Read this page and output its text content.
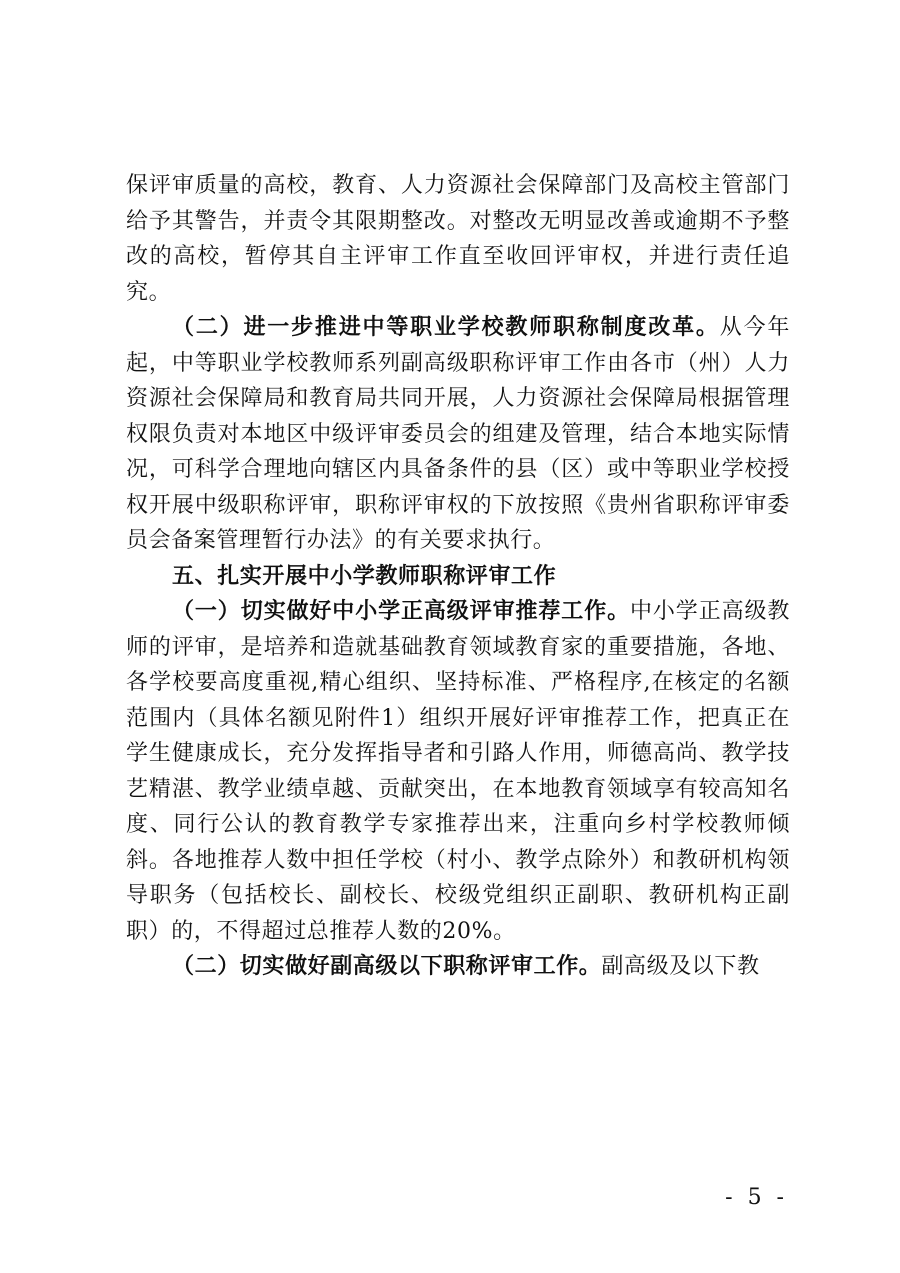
保评审质量的高校，教育、人力资源社会保障部门及高校主管部门给予其警告，并责令其限期整改。对整改无明显改善或逾期不予整改的高校，暂停其自主评审工作直至收回评审权，并进行责任追究。

（二）进一步推进中等职业学校教师职称制度改革。从今年起，中等职业学校教师系列副高级职称评审工作由各市（州）人力资源社会保障局和教育局共同开展，人力资源社会保障局根据管理权限负责对本地区中级评审委员会的组建及管理，结合本地实际情况，可科学合理地向辖区内具备条件的县（区）或中等职业学校授权开展中级职称评审，职称评审权的下放按照《贵州省职称评审委员会备案管理暂行办法》的有关要求执行。

五、扎实开展中小学教师职称评审工作

（一）切实做好中小学正高级评审推荐工作。中小学正高级教师的评审，是培养和造就基础教育领域教育家的重要措施，各地、各学校要高度重视,精心组织、坚持标准、严格程序,在核定的名额范围内（具体名额见附件1）组织开展好评审推荐工作，把真正在学生健康成长，充分发挥指导者和引路人作用，师德高尚、教学技艺精湛、教学业绩卓越、贡献突出，在本地教育领域享有较高知名度、同行公认的教育教学专家推荐出来，注重向乡村学校教师倾斜。各地推荐人数中担任学校（村小、教学点除外）和教研机构领导职务（包括校长、副校长、校级党组织正副职、教研机构正副职）的，不得超过总推荐人数的20%。

（二）切实做好副高级以下职称评审工作。副高级及以下教

- 5 -
